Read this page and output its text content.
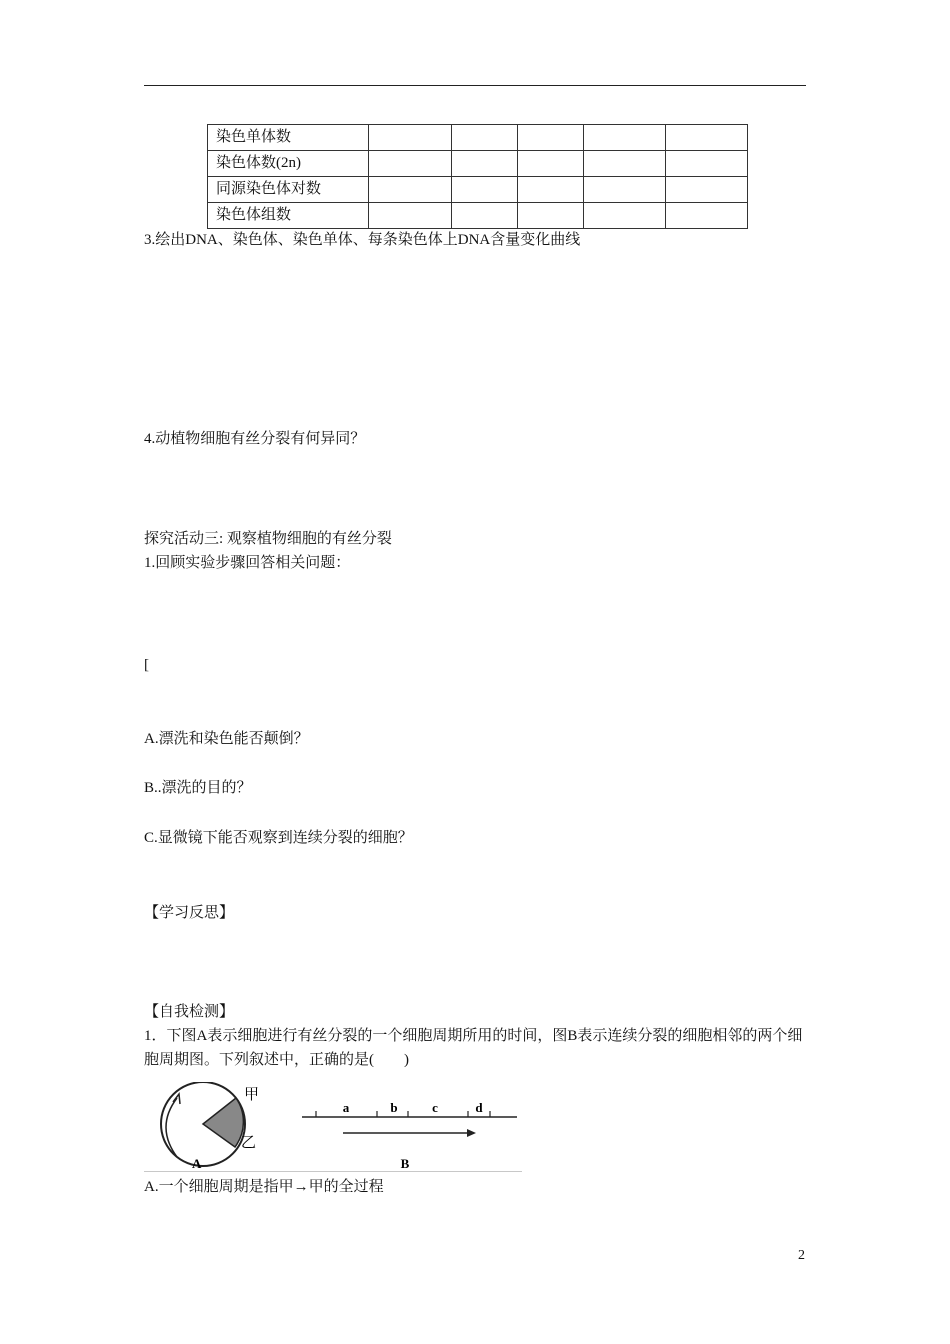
染色单体数					
染色体数(2n)					
同源染色体对数					
染色体组数					
3.绘出DNA、染色体、染色单体、每条染色体上DNA含量变化曲线
4.动植物细胞有丝分裂有何异同？
探究活动三: 观察植物细胞的有丝分裂
1.回顾实验步骤回答相关问题：
[
A.漂洗和染色能否颠倒？
B..漂洗的目的？
C.显微镜下能否观察到连续分裂的细胞？
【学习反思】
【自我检测】
1．下图A表示细胞进行有丝分裂的一个细胞周期所用的时间，图B表示连续分裂的细胞相邻的两个细胞周期图。下列叙述中，正确的是(　　)
甲
乙
A
a	b	c	d
B
A.一个细胞周期是指甲→甲的全过程
2
